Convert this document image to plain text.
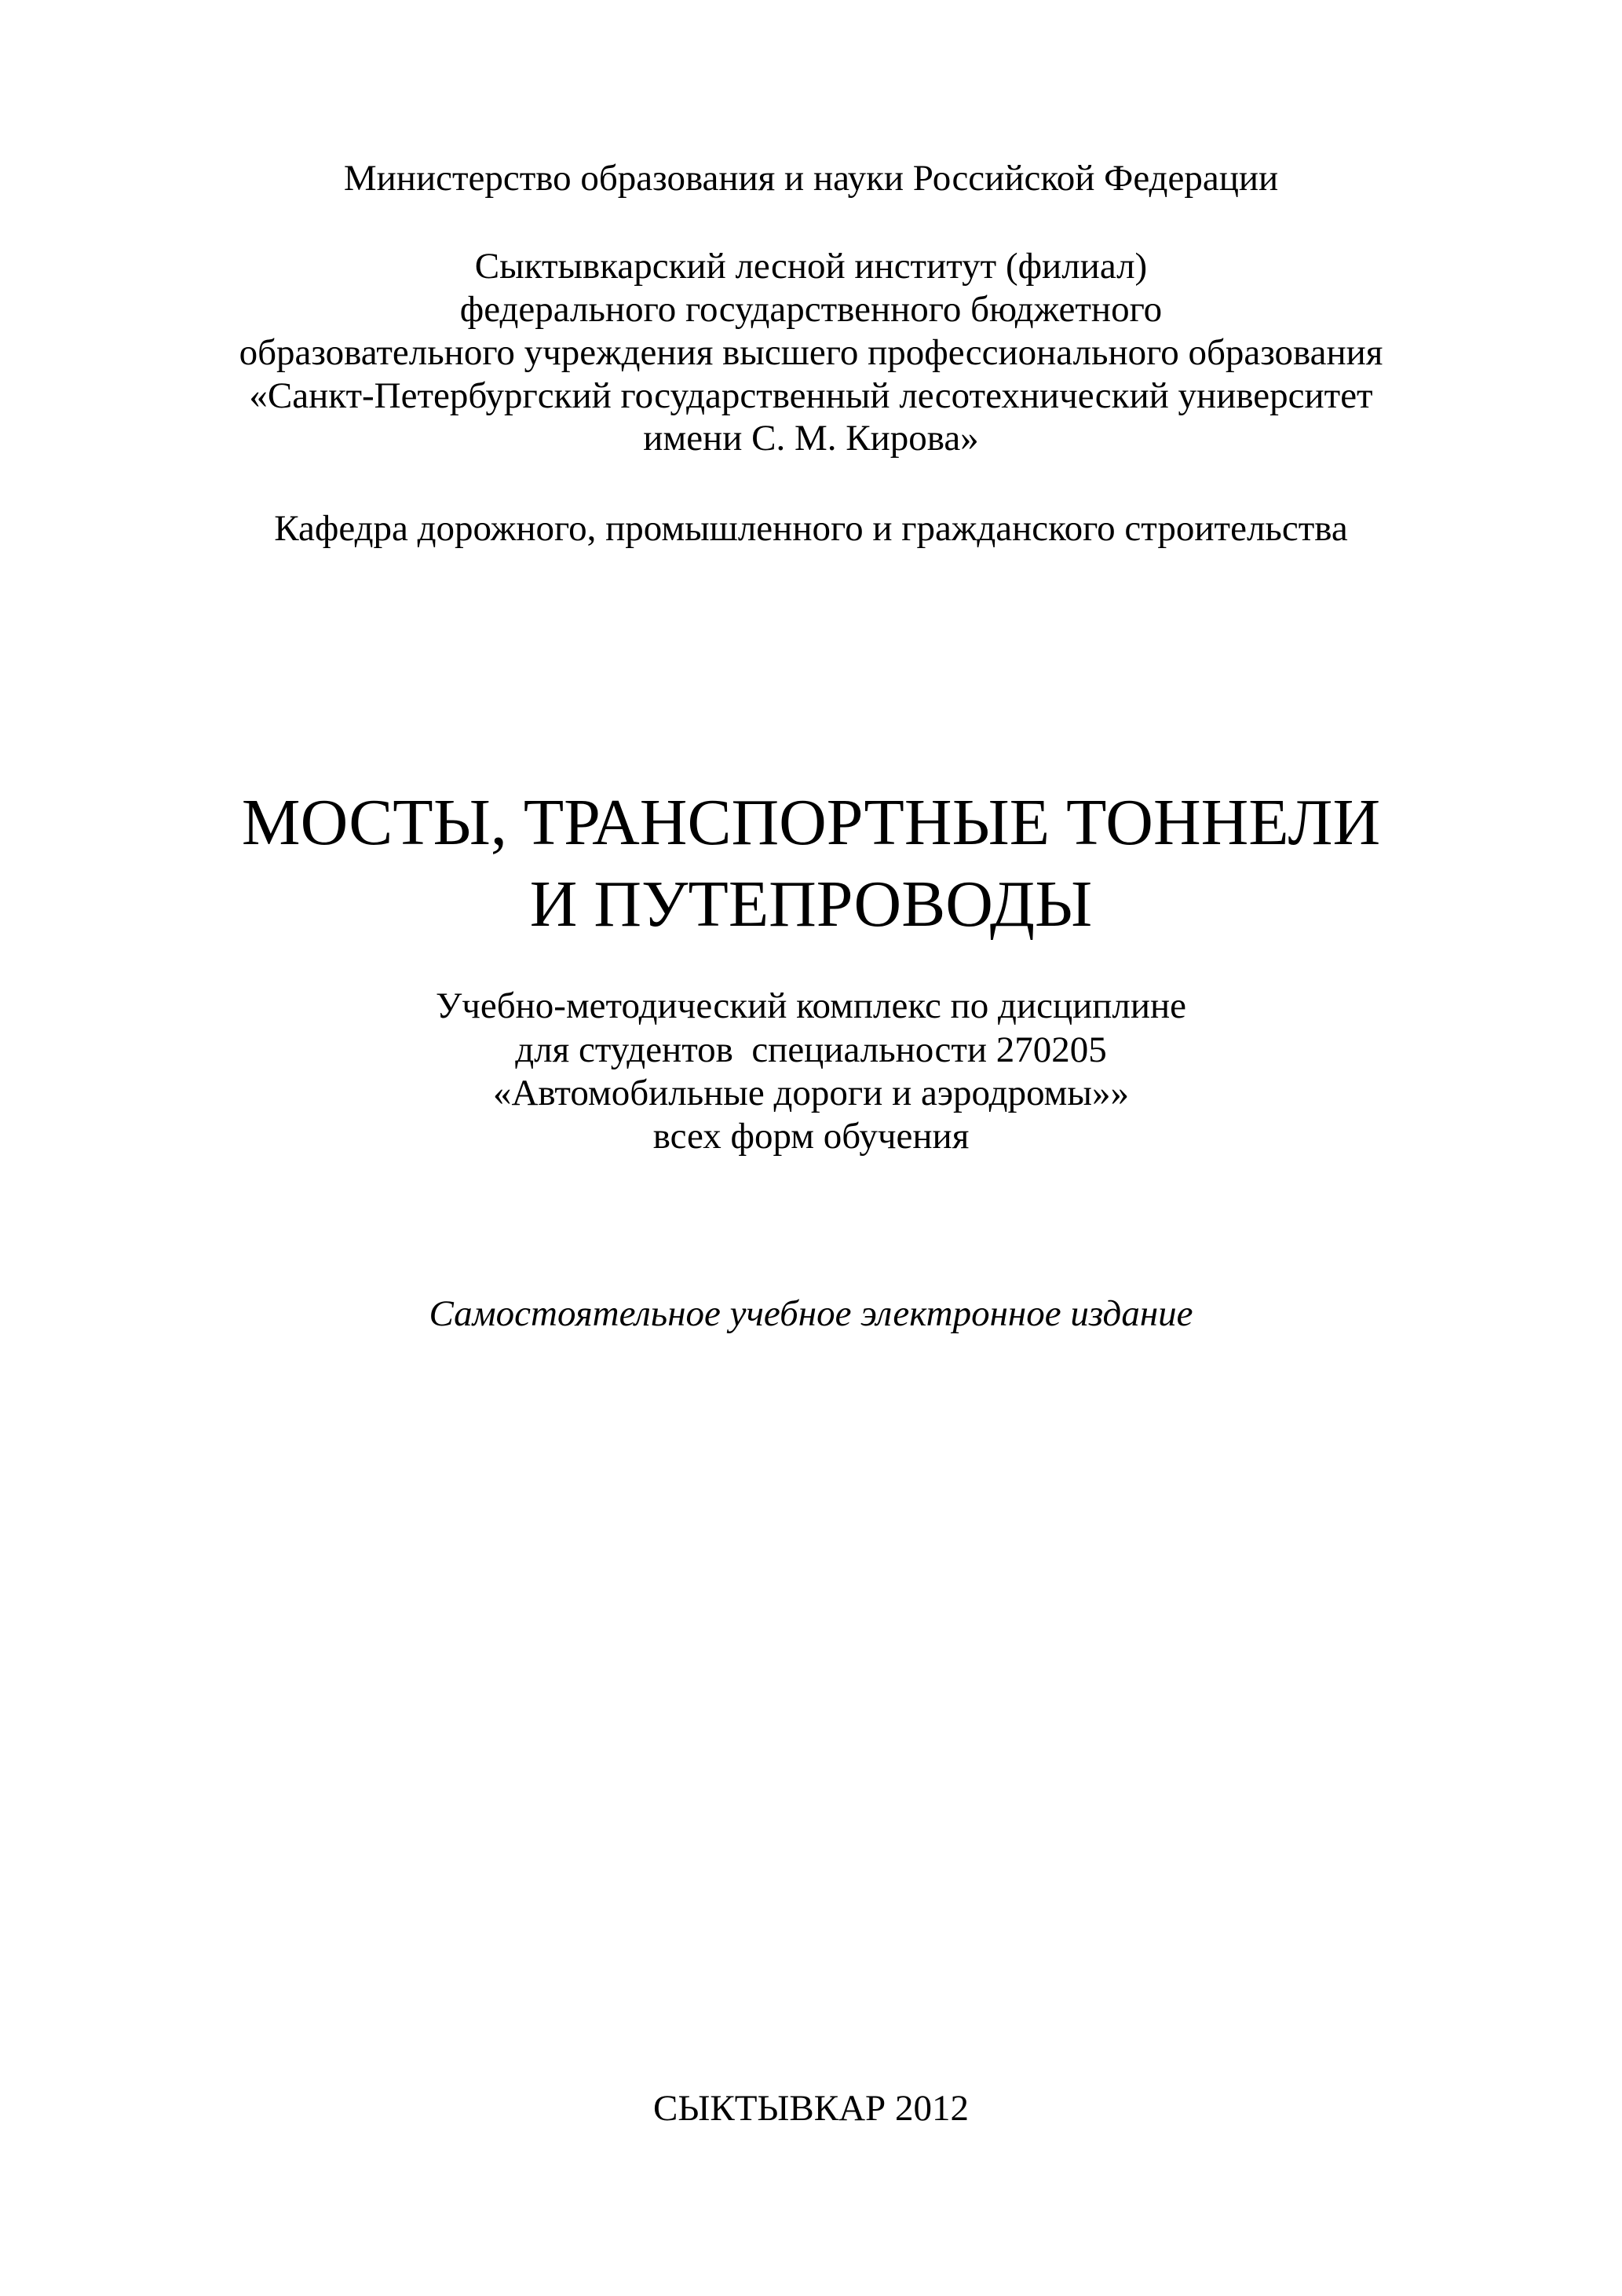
Министерство образования и науки Российской Федерации
Сыктывкарский лесной институт (филиал)
федерального государственного бюджетного
образовательного учреждения высшего профессионального образования
«Санкт-Петербургский государственный лесотехнический университет
имени С. М. Кирова»
Кафедра дорожного, промышленного и гражданского строительства
МОСТЫ, ТРАНСПОРТНЫЕ ТОННЕЛИ
И ПУТЕПРОВОДЫ
Учебно-методический комплекс по дисциплине
для студентов  специальности 270205
«Автомобильные дороги и аэродромы»»
всех форм обучения
Самостоятельное учебное электронное издание
СЫКТЫВКАР 2012
